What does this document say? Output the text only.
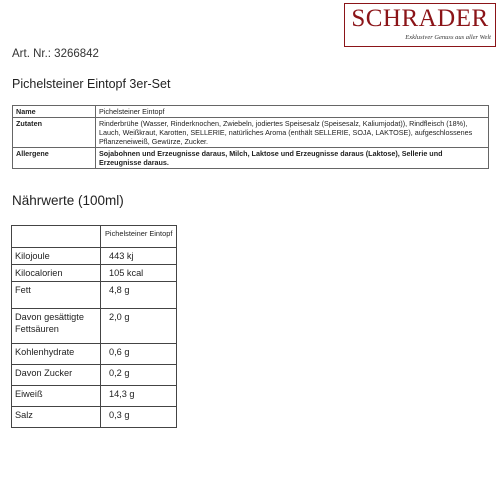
SCHRADER
Exklusiver Genuss aus aller Welt
Art. Nr.: 3266842
Pichelsteiner Eintopf 3er-Set
Name	Pichelsteiner Eintopf
Zutaten	Rinderbrühe (Wasser, Rinderknochen, Zwiebeln, jodiertes Speisesalz (Speisesalz, Kaliumjodat)), Rindfleisch (18%), Lauch, Weißkraut, Karotten, SELLERIE, natürliches Aroma (enthält SELLERIE, SOJA, LAKTOSE), aufgeschlossenes Pflanzeneiweiß, Gewürze, Zucker.
Allergene	Sojabohnen und Erzeugnisse daraus, Milch, Laktose und Erzeugnisse daraus (Laktose), Sellerie und Erzeugnisse daraus.
Nährwerte (100ml)
	Pichelsteiner Eintopf
Kilojoule	443 kj
Kilocalorien	105 kcal
Fett	4,8 g
Davon gesättigte Fettsäuren	2,0 g
Kohlenhydrate	0,6 g
Davon Zucker	0,2 g
Eiweiß	14,3 g
Salz	0,3 g
